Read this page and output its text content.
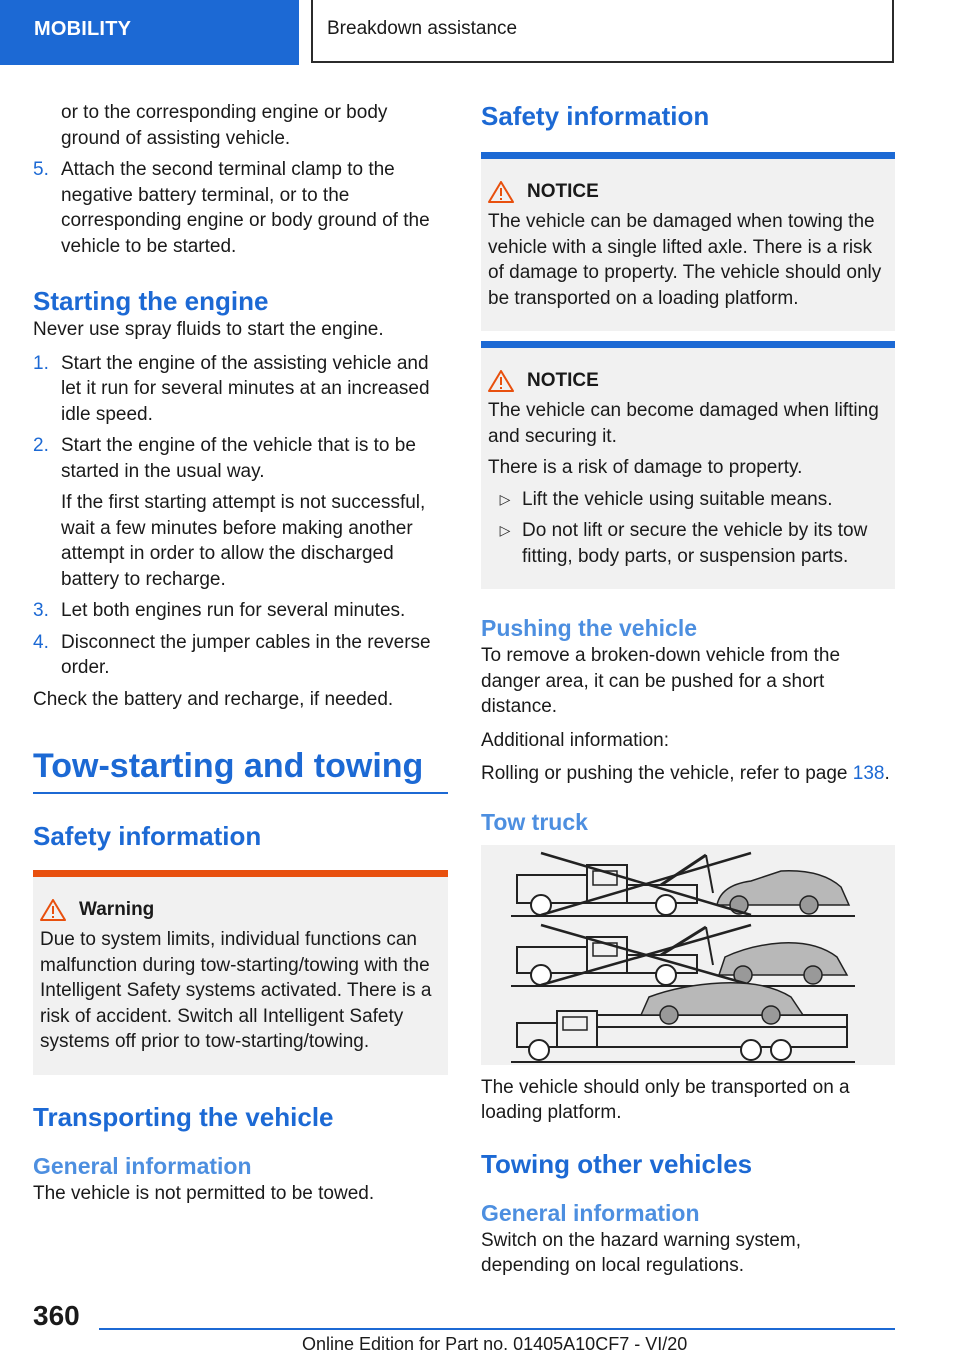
MOBILITY	Breakdown assistance

or to the corresponding engine or body ground of assisting vehicle.

5. Attach the second terminal clamp to the negative battery terminal, or to the corresponding engine or body ground of the vehicle to be started.

Starting the engine

Never use spray fluids to start the engine.

1. Start the engine of the assisting vehicle and let it run for several minutes at an increased idle speed.

2. Start the engine of the vehicle that is to be started in the usual way.

If the first starting attempt is not successful, wait a few minutes before making another attempt in order to allow the discharged battery to recharge.

3. Let both engines run for several minutes.

4. Disconnect the jumper cables in the reverse order.

Check the battery and recharge, if needed.

Tow-starting and towing
Safety information
Warning

Due to system limits, individual functions can malfunction during tow-starting/towing with the Intelligent Safety systems activated. There is a risk of accident. Switch all Intelligent Safety systems off prior to tow-starting/towing.

Transporting the vehicle
General information

The vehicle is not permitted to be towed.

Safety information
NOTICE

The vehicle can be damaged when towing the vehicle with a single lifted axle. There is a risk of damage to property. The vehicle should only be transported on a loading platform.

NOTICE

The vehicle can become damaged when lifting and securing it.

There is a risk of damage to property.

▷ Lift the vehicle using suitable means.

▷ Do not lift or secure the vehicle by its tow fitting, body parts, or suspension parts.

Pushing the vehicle

To remove a broken-down vehicle from the danger area, it can be pushed for a short distance.

Additional information:

Rolling or pushing the vehicle, refer to page 138.

Tow truck

The vehicle should only be transported on a loading platform.

Towing other vehicles
General information

Switch on the hazard warning system, depending on local regulations.

360
Online Edition for Part no. 01405A10CF7 - VI/20
